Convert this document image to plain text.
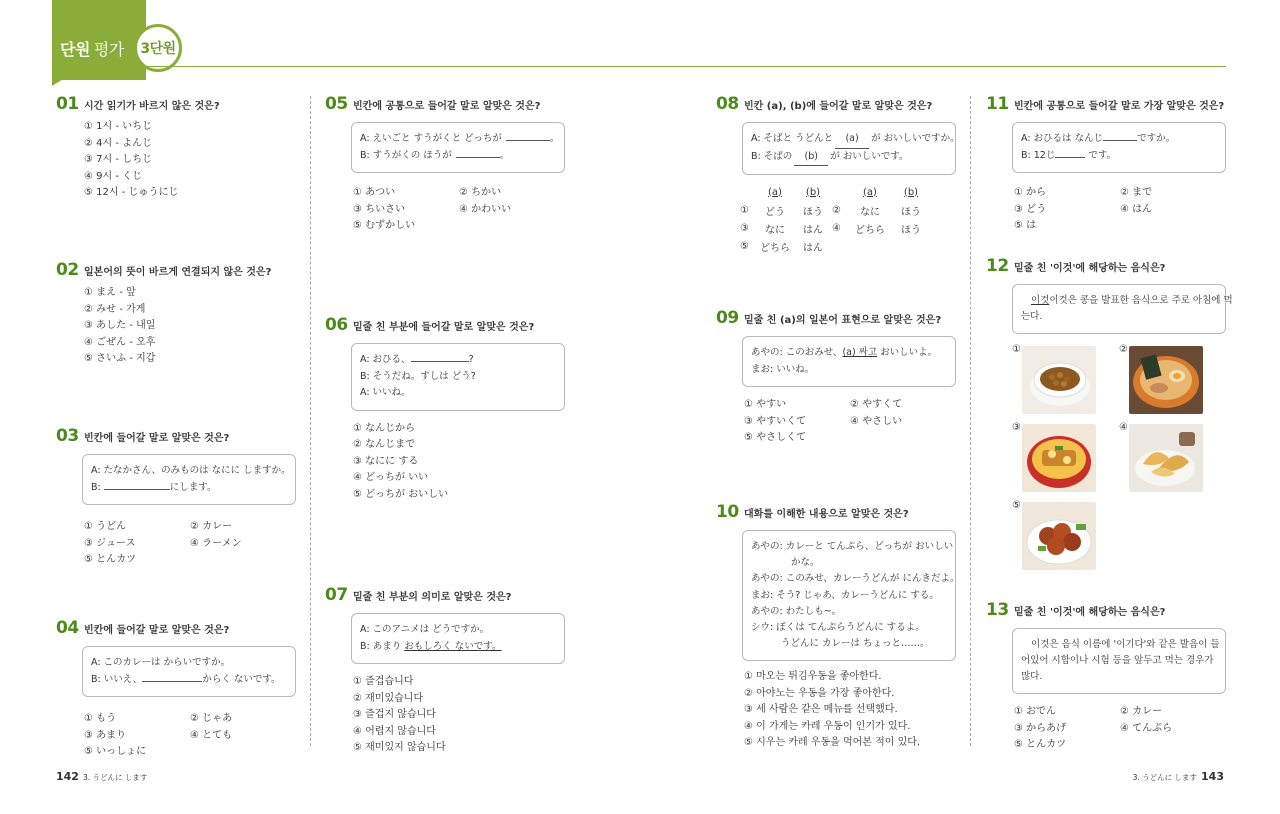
단원 평가	3단원
01 시간 읽기가 바르지 않은 것은?
① 1시 - いちじ
② 4시 - よんじ
③ 7시 - しちじ
④ 9시 - くじ
⑤ 12시 - じゅうにじ
02 일본어의 뜻이 바르게 연결되지 않은 것은?
① まえ - 앞
② みせ - 가게
③ あした - 내일
④ ごぜん - 오후
⑤ さいふ - 지갑
03 빈칸에 들어갈 말로 알맞은 것은?
A: たなかさん、のみものは なにに しますか。
B:	にします。
① うどん	② カレー
③ ジュース	④ ラーメン
⑤ とんカツ
04 빈칸에 들어갈 말로 알맞은 것은?
A: このカレーは からいですか。
B: いいえ、	からく ないです。
① もう	② じゃあ
③ あまり	④ とても
⑤ いっしょに
05 빈칸에 공통으로 들어갈 말로 알맞은 것은?
A: えいごと すうがくと どっちが	。
B: すうがくの ほうが	。
① あつい	② ちかい
③ ちいさい	④ かわいい
⑤ むずかしい
06 밑줄 친 부분에 들어갈 말로 알맞은 것은?
A: おひる、	?
B: そうだね。すしは どう?
A: いいね。
① なんじから
② なんじまで
③ なにに する
④ どっちが いい
⑤ どっちが おいしい
07 밑줄 친 부분의 의미로 알맞은 것은?
A: このアニメは どうですか。
B: あまり おもしろく ないです。
① 즐겁습니다
② 재미있습니다
③ 즐겁지 않습니다
④ 어렵지 않습니다
⑤ 재미있지 않습니다
08 빈칸 (a), (b)에 들어갈 말로 알맞은 것은?
A: そばと うどんと (a) が おいしいですか。
B: そばの (b) が おいしいです。
	(a)	(b)		(a)	(b)
①	どう	ほう	②	なに	ほう
③	なに	はん	④	どちら	ほう
⑤	どちら	はん			
09 밑줄 친 (a)의 일본어 표현으로 알맞은 것은?
あやの: このおみせ、(a) 싸고 おいしいよ。
まお: いいね。
① やすい	② やすくて
③ やすいくて	④ やさしい
⑤ やさしくて
10 대화를 이해한 내용으로 알맞은 것은?
あやの: カレーと てんぷら、どっちが おいしい
かな。
あやの: このみせ、カレーうどんが にんきだよ。
まお: そう? じゃあ、カレーうどんに する。
あやの: わたしも~。
シウ: ぼくは てんぷらうどんに するよ。
うどんに カレーは ちょっと……。
① 마오는 튀김우동을 좋아한다.
② 아야노는 우동을 가장 좋아한다.
③ 세 사람은 같은 메뉴를 선택했다.
④ 이 가게는 카레 우동이 인기가 있다.
⑤ 시우는 카레 우동을 먹어본 적이 있다.
11 빈칸에 공통으로 들어갈 말로 가장 알맞은 것은?
A: おひるは なんじ	ですか。
B: 12じ	です。
① から	② まで
③ どう	④ はん
⑤ は
12 밑줄 친 '이것'에 해당하는 음식은?
이것이것은 콩을 발표한 음식으로 주로 아침에 먹
는다.
①	②
③	④
⑤
13 밑줄 친 '이것'에 해당하는 음식은?
이것은 음식 이름에 '이기다'와 같은 발음이 들
어있어 시합이나 시험 등을 앞두고 먹는 경우가
많다.
① おでん	② カレー
③ からあげ	④ てんぷら
⑤ とんカツ
142 3. うどんに します	3. うどんに します 143
